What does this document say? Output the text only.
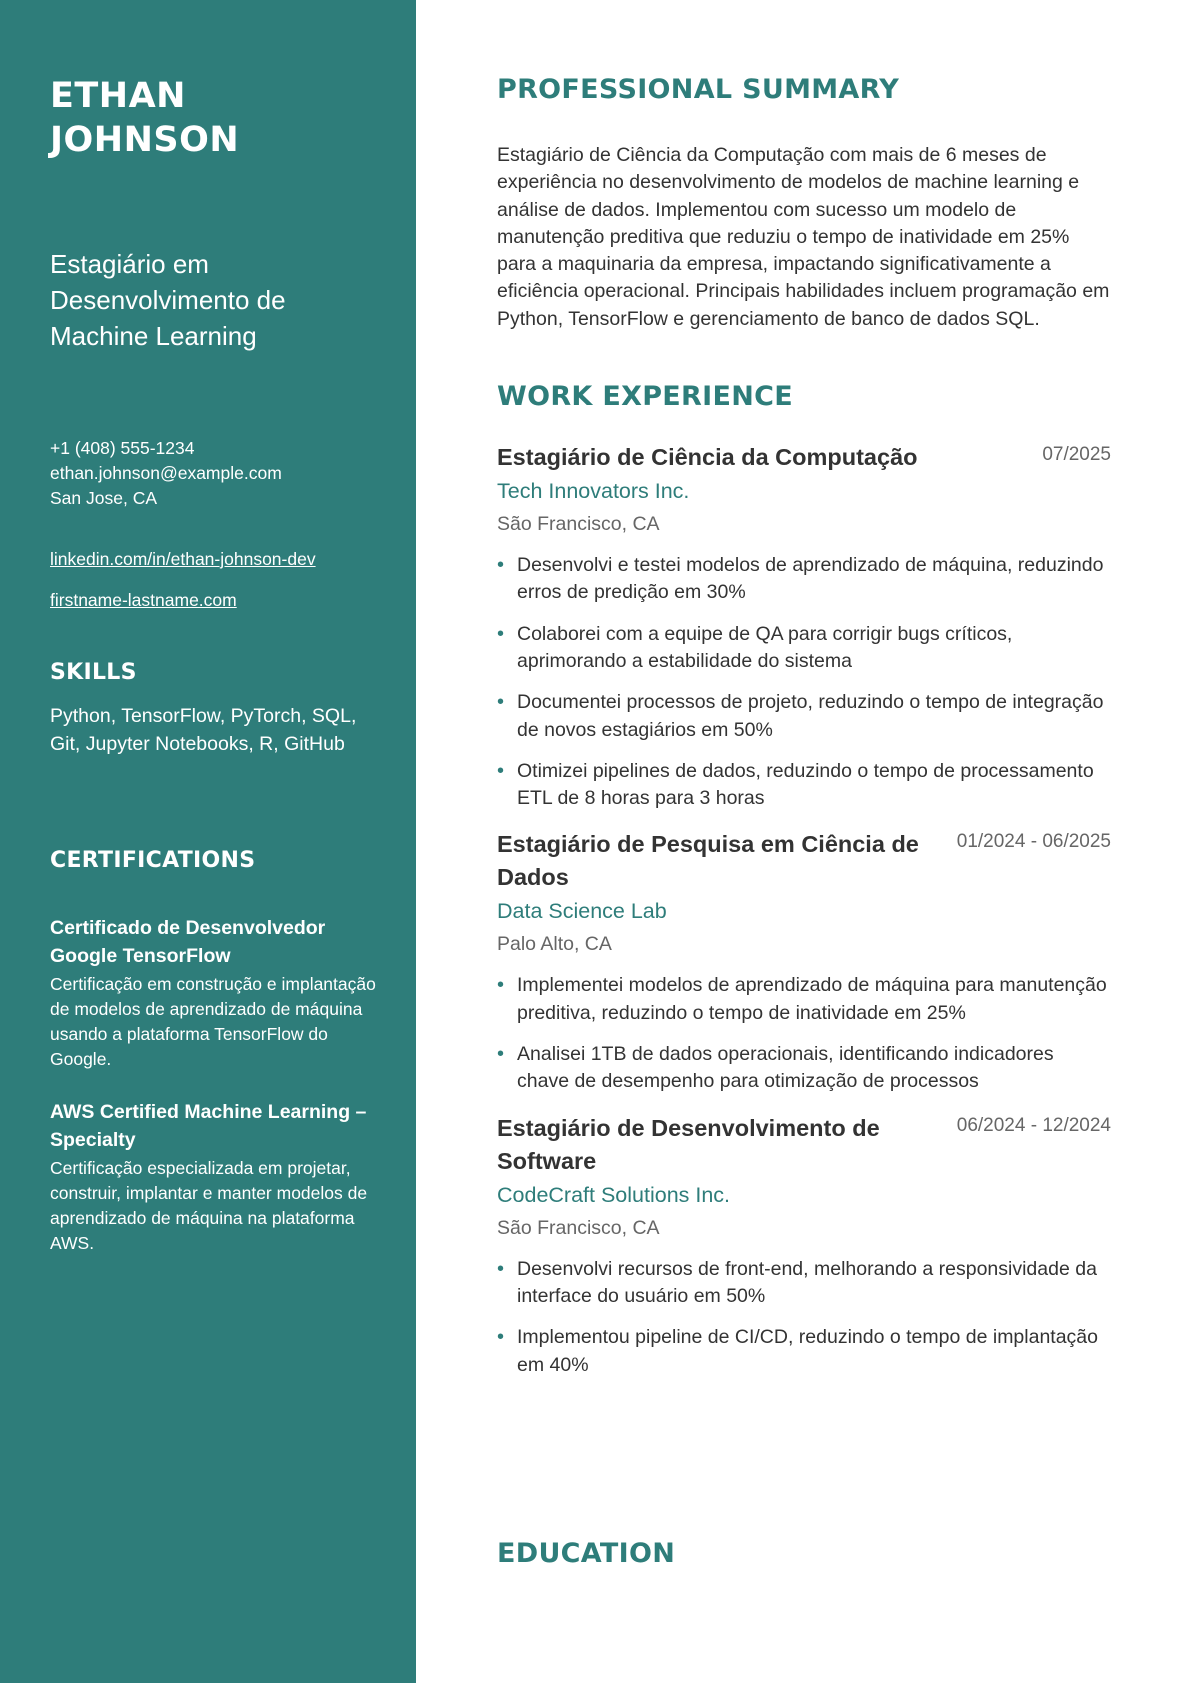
ETHAN JOHNSON
Estagiário em Desenvolvimento de Machine Learning
+1 (408) 555-1234
ethan.johnson@example.com
San Jose, CA
linkedin.com/in/ethan-johnson-dev
firstname-lastname.com
SKILLS
Python, TensorFlow, PyTorch, SQL, Git, Jupyter Notebooks, R, GitHub
CERTIFICATIONS
Certificado de Desenvolvedor Google TensorFlow
Certificação em construção e implantação de modelos de aprendizado de máquina usando a plataforma TensorFlow do Google.
AWS Certified Machine Learning – Specialty
Certificação especializada em projetar, construir, implantar e manter modelos de aprendizado de máquina na plataforma AWS.
PROFESSIONAL SUMMARY

Estagiário de Ciência da Computação com mais de 6 meses de experiência no desenvolvimento de modelos de machine learning e análise de dados. Implementou com sucesso um modelo de manutenção preditiva que reduziu o tempo de inatividade em 25% para a maquinaria da empresa, impactando significativamente a eficiência operacional. Principais habilidades incluem programação em Python, TensorFlow e gerenciamento de banco de dados SQL.

WORK EXPERIENCE
Estagiário de Ciência da Computação	07/2025
Tech Innovators Inc.
São Francisco, CA
• Desenvolvi e testei modelos de aprendizado de máquina, reduzindo erros de predição em 30%
• Colaborei com a equipe de QA para corrigir bugs críticos, aprimorando a estabilidade do sistema
• Documentei processos de projeto, reduzindo o tempo de integração de novos estagiários em 50%
• Otimizei pipelines de dados, reduzindo o tempo de processamento ETL de 8 horas para 3 horas
Estagiário de Pesquisa em Ciência de Dados
01/2024 - 06/2025
Data Science Lab
Palo Alto, CA
• Implementei modelos de aprendizado de máquina para manutenção preditiva, reduzindo o tempo de inatividade em 25%
• Analisei 1TB de dados operacionais, identificando indicadores chave de desempenho para otimização de processos
Estagiário de Desenvolvimento de Software
06/2024 - 12/2024
CodeCraft Solutions Inc.
São Francisco, CA
• Desenvolvi recursos de front-end, melhorando a responsividade da interface do usuário em 50%
• Implementou pipeline de CI/CD, reduzindo o tempo de implantação em 40%
EDUCATION
